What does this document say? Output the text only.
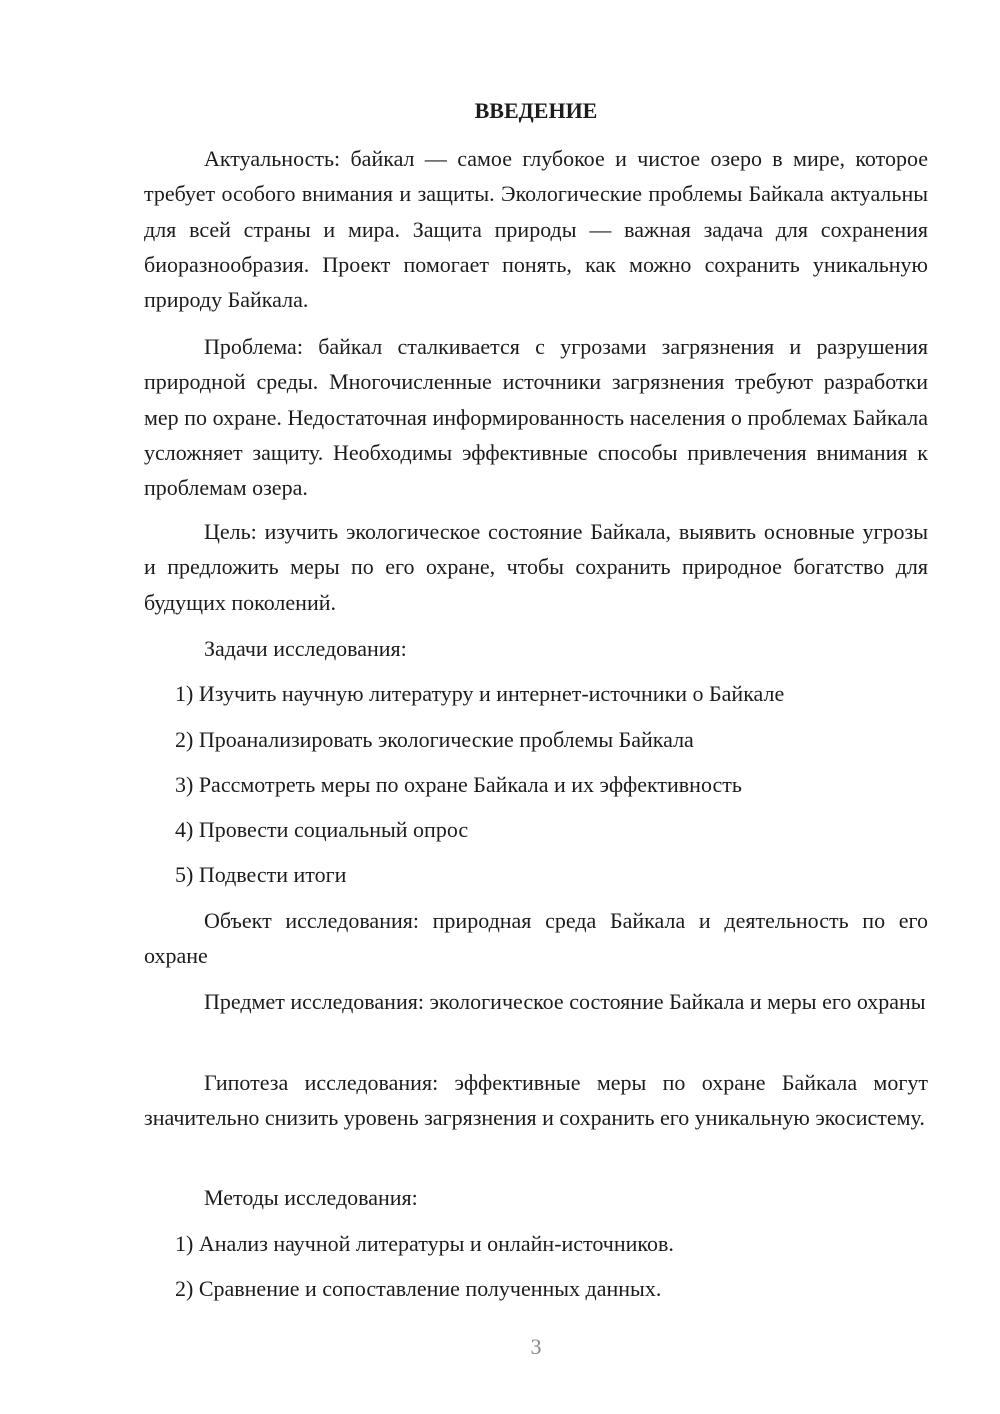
ВВЕДЕНИЕ

Актуальность: байкал — самое глубокое и чистое озеро в мире, которое требует особого внимания и защиты. Экологические проблемы Байкала актуальны для всей страны и мира. Защита природы — важная задача для сохранения биоразнообразия. Проект помогает понять, как можно сохранить уникальную природу Байкала.

Проблема: байкал сталкивается с угрозами загрязнения и разрушения природной среды. Многочисленные источники загрязнения требуют разработки мер по охране. Недостаточная информированность населения о проблемах Байкала усложняет защиту. Необходимы эффективные способы привлечения внимания к проблемам озера.

Цель: изучить экологическое состояние Байкала, выявить основные угрозы и предложить меры по его охране, чтобы сохранить природное богатство для будущих поколений.

Задачи исследования:

1) Изучить научную литературу и интернет-источники о Байкале

2) Проанализировать экологические проблемы Байкала

3) Рассмотреть меры по охране Байкала и их эффективность

4) Провести социальный опрос

5) Подвести итоги

Объект исследования: природная среда Байкала и деятельность по его охране

Предмет исследования: экологическое состояние Байкала и меры его охраны

Гипотеза исследования: эффективные меры по охране Байкала могут значительно снизить уровень загрязнения и сохранить его уникальную экосистему.

Методы исследования:

1) Анализ научной литературы и онлайн-источников.

2) Сравнение и сопоставление полученных данных.

3
